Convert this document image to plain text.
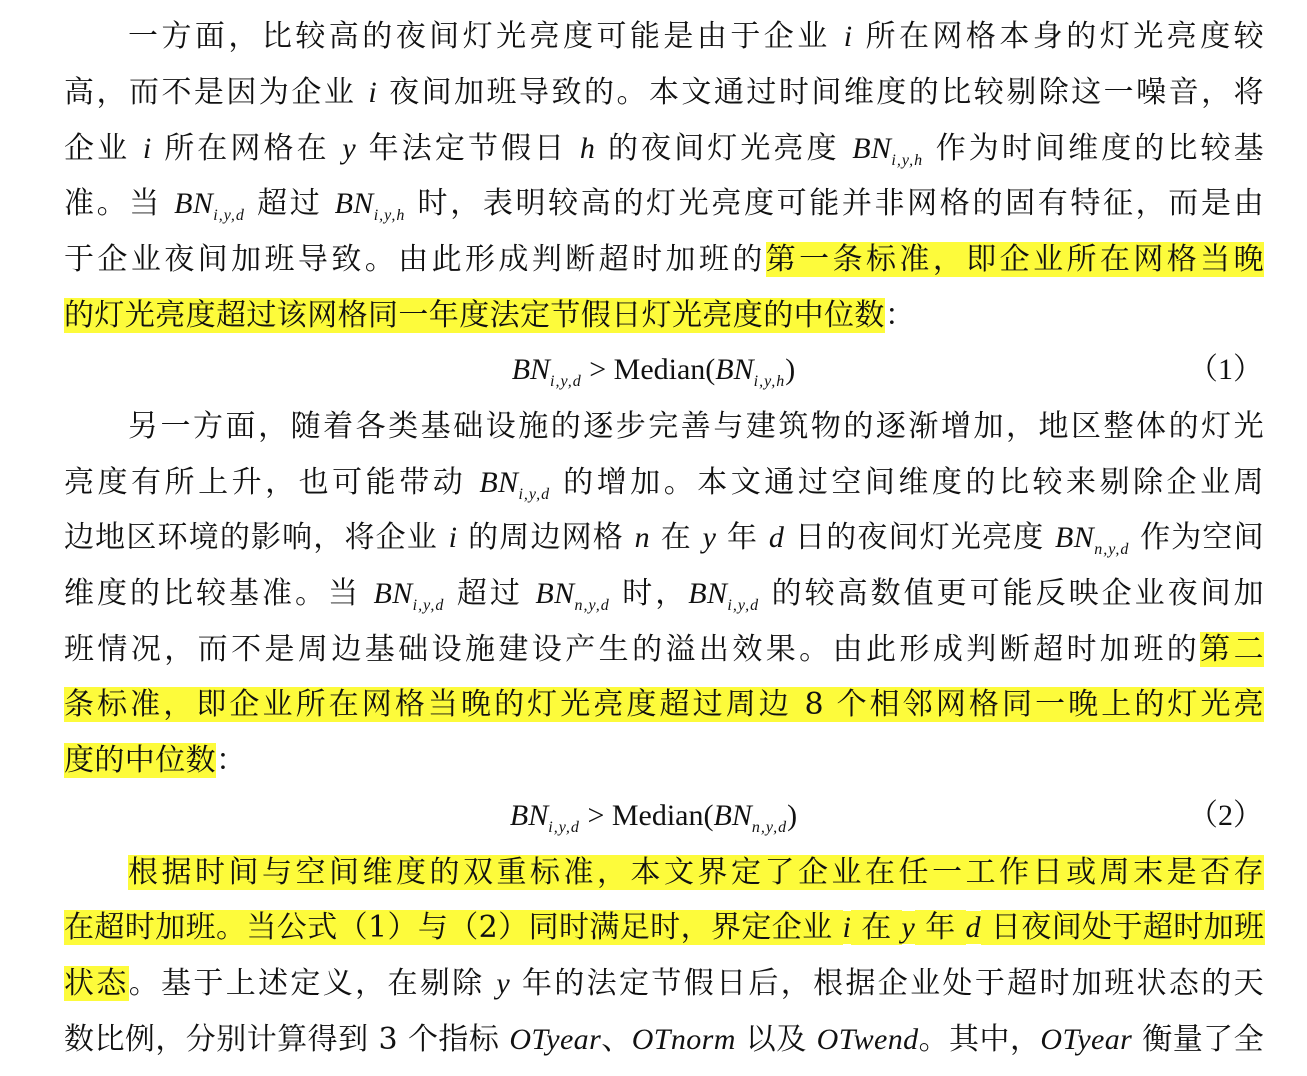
一方面，比较高的夜间灯光亮度可能是由于企业 i 所在网格本身的灯光亮度较
高，而不是因为企业 i 夜间加班导致的。本文通过时间维度的比较剔除这一噪音，将
企业 i 所在网格在 y 年法定节假日 h 的夜间灯光亮度 $BN_{i,y,h}$ 作为时间维度的比较基
准。当 $BN_{i,y,d}$ 超过 $BN_{i,y,h}$ 时，表明较高的灯光亮度可能并非网格的固有特征，而是由
于企业夜间加班导致。由此形成判断超时加班的第一条标准，即企业所在网格当晚
的灯光亮度超过该网格同一年度法定节假日灯光亮度的中位数：
$BN_{i,y,d}$ > $Median(BN_{i,y,h})$	（1）
另一方面，随着各类基础设施的逐步完善与建筑物的逐渐增加，地区整体的灯光
亮度有所上升，也可能带动 $BN_{i,y,d}$ 的增加。本文通过空间维度的比较来剔除企业周
边地区环境的影响，将企业 i 的周边网格 n 在 y 年 d 日的夜间灯光亮度 $BN_{n,y,d}$ 作为空间
维度的比较基准。当 $BN_{i,y,d}$ 超过 $BN_{n,y,d}$ 时，$BN_{i,y,d}$ 的较高数值更可能反映企业夜间加
班情况，而不是周边基础设施建设产生的溢出效果。由此形成判断超时加班的第二
条标准，即企业所在网格当晚的灯光亮度超过周边 8 个相邻网格同一晚上的灯光亮
度的中位数：
$BN_{i,y,d}$ > $Median(BN_{n,y,d})$	（2）
根据时间与空间维度的双重标准，本文界定了企业在任一工作日或周末是否存
在超时加班。当公式（1）与（2）同时满足时，界定企业 i 在 y 年 d 日夜间处于超时加班
状态。基于上述定义，在剔除 y 年的法定节假日后，根据企业处于超时加班状态的天
数比例，分别计算得到 3 个指标 OTyear、OTnorm 以及 OTwend。其中，OTyear 衡量了全
